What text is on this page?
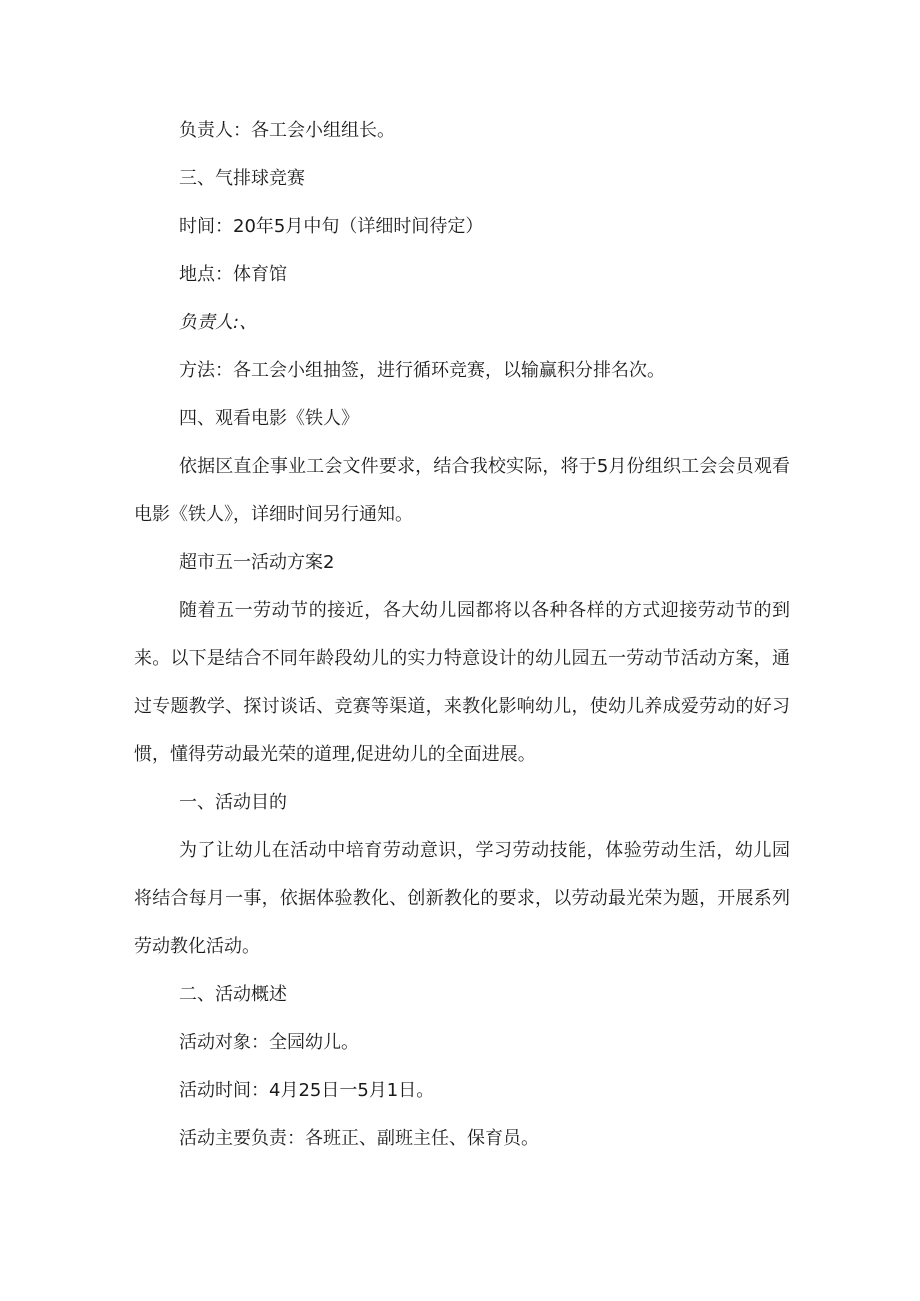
负责人：各工会小组组长。

三、气排球竞赛

时间：20年5月中旬（详细时间待定）

地点：体育馆

负责人:、

方法：各工会小组抽签，进行循环竞赛，以输赢积分排名次。

四、观看电影《铁人》

依据区直企事业工会文件要求，结合我校实际，将于5月份组织工会会员观看电影《铁人》，详细时间另行通知。

超市五一活动方案2

随着五一劳动节的接近，各大幼儿园都将以各种各样的方式迎接劳动节的到来。以下是结合不同年龄段幼儿的实力特意设计的幼儿园五一劳动节活动方案，通过专题教学、探讨谈话、竞赛等渠道，来教化影响幼儿，使幼儿养成爱劳动的好习惯，懂得劳动最光荣的道理,促进幼儿的全面进展。

一、活动目的

为了让幼儿在活动中培育劳动意识，学习劳动技能，体验劳动生活，幼儿园将结合每月一事，依据体验教化、创新教化的要求，以劳动最光荣为题，开展系列劳动教化活动。

二、活动概述

活动对象：全园幼儿。

活动时间：4月25日一5月1日。

活动主要负责：各班正、副班主任、保育员。
